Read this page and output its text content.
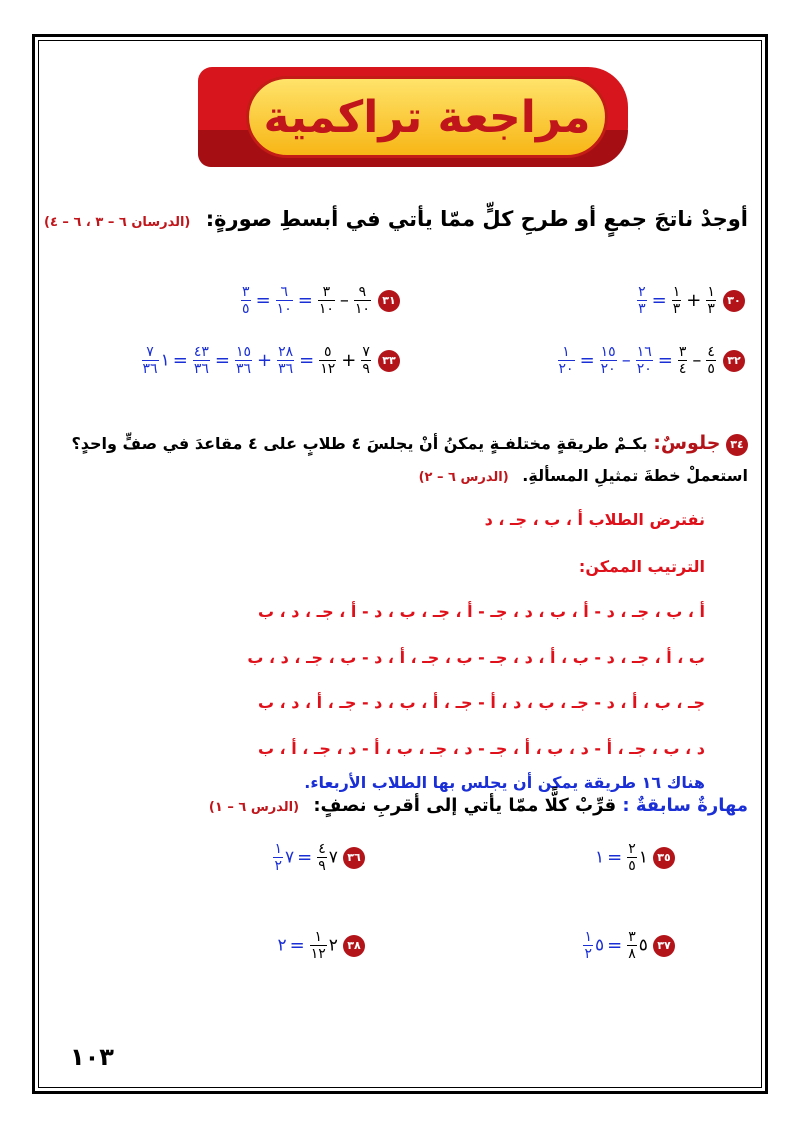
مراجعة تراكمية
أوجدْ ناتجَ جمعٍ أو طرحِ كلٍّ ممّا يأتي في أبسطِ صورةٍ: (الدرسان ٦ – ٣ ، ٦ – ٤)
٣٠
$\frac{١}{٣}$
+
$\frac{١}{٣}$
=
$\frac{٢}{٣}$
٣١
$\frac{٩}{١٠}$
–
$\frac{٣}{١٠}$
=
$\frac{٦}{١٠}$
=
$\frac{٣}{٥}$
٣٢
$\frac{٤}{٥}$
–
$\frac{٣}{٤}$
=
$\frac{١٦}{٢٠}$
–
$\frac{١٥}{٢٠}$
=
$\frac{١}{٢٠}$
٣٣
$\frac{٧}{٩}$
+
$\frac{٥}{١٢}$
=
$\frac{٢٨}{٣٦}$
+
$\frac{١٥}{٣٦}$
=
$\frac{٤٣}{٣٦}$
=١
$\frac{٧}{٣٦}$
٣٤ جلوسٌ: بكـمْ طريقةٍ مختلفـةٍ يمكنُ أنْ يجلسَ ٤ طلابٍ على ٤ مقاعدَ في صفٍّ واحدٍ؟ استعملْ خطةَ تمثيلِ المسألةِ. (الدرس ٦ – ٢)
نفترض الطلاب أ ، ب ، جـ ، د
الترتيب الممكن:
أ ، ب ، جـ ، د - أ ، ب ، د ، جـ - أ ، جـ ، ب ، د - أ ، جـ ، د ، ب
ب ، أ ، جـ ، د - ب ، أ ، د ، جـ - ب ، جـ ، أ ، د - ب ، جـ ، د ، ب
جـ ، ب ، أ ، د - جـ ، ب ، د ، أ - جـ ، أ ، ب ، د - جـ ، أ ، د ، ب
د ، ب ، جـ ، أ - د ، ب ، أ ، جـ - د ، جـ ، ب ، أ - د ، جـ ، أ ، ب
هناك ١٦ طريقة يمكن أن يجلس بها الطلاب الأربعاء.
مهارةٌ سابقةٌ : قرِّبْ كلًّا ممّا يأتي إلى أقربِ نصفٍ: (الدرس ٦ – ١)
٣٥ ١
$\frac{٢}{٥}$
=١
٣٦ ٧
$\frac{٤}{٩}$
=٧
$\frac{١}{٢}$
٣٧ ٥
$\frac{٣}{٨}$
=٥
$\frac{١}{٢}$
٣٨ ٢
$\frac{١}{١٢}$
=٢
١٠٣
